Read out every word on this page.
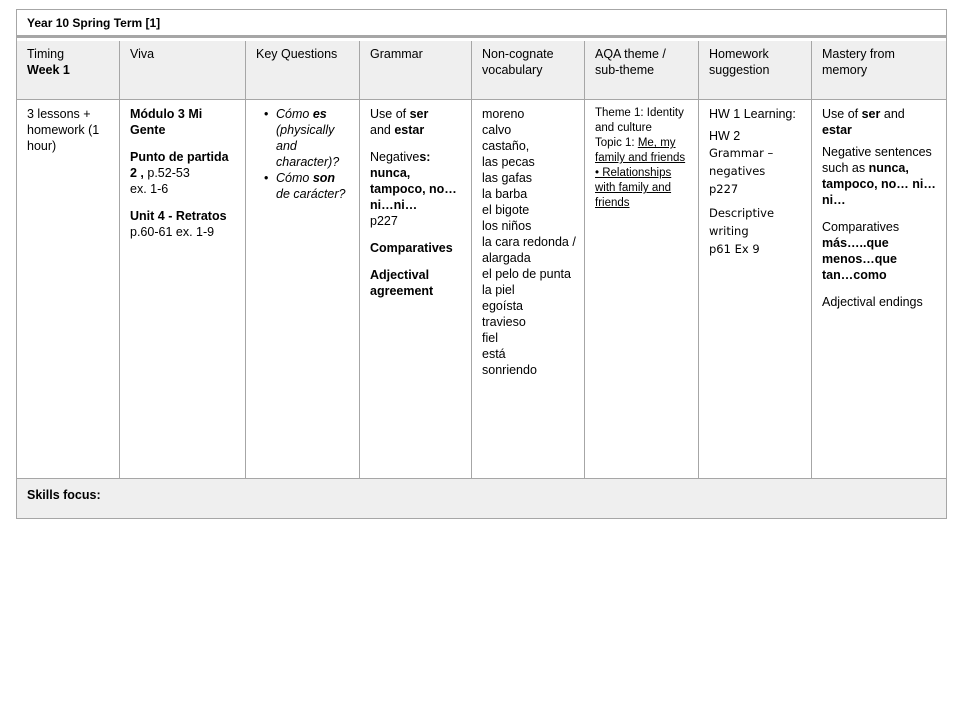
Year 10 Spring Term [1]
Timing
Week 1

3 lessons + homework (1 hour)

Viva

Módulo 3 Mi Gente

Punto de partida 2 , p.52-53

ex. 1-6

Unit 4 - Retratos

p.60-61 ex. 1-9

Key Questions
• Cómo es (physically and character)?
• Cómo son de carácter?
Grammar

Use of ser
and estar

Negatives:

nunca, tampoco, no… ni…ni…

p227

Comparatives

Adjectival agreement

Non-cognate vocabulary

moreno

calvo

castaño,

las pecas

las gafas

la barba

el bigote

los niños

la cara redonda /

alargada

el pelo de punta

la piel

egoísta

travieso

fiel

está

sonriendo

AQA theme / sub-theme

Theme 1: Identity and culture

Topic 1: Me, my family and friends

• Relationships with family and friends

Homework suggestion

HW 1 Learning:

HW 2

Grammar – negatives

p227

Descriptive writing

p61 Ex 9

Mastery from memory

Use of ser and estar

Negative sentences such as nunca, tampoco, no… ni…ni…

Comparatives

más…..que

menos…que

tan…como

Adjectival endings

Skills focus:
